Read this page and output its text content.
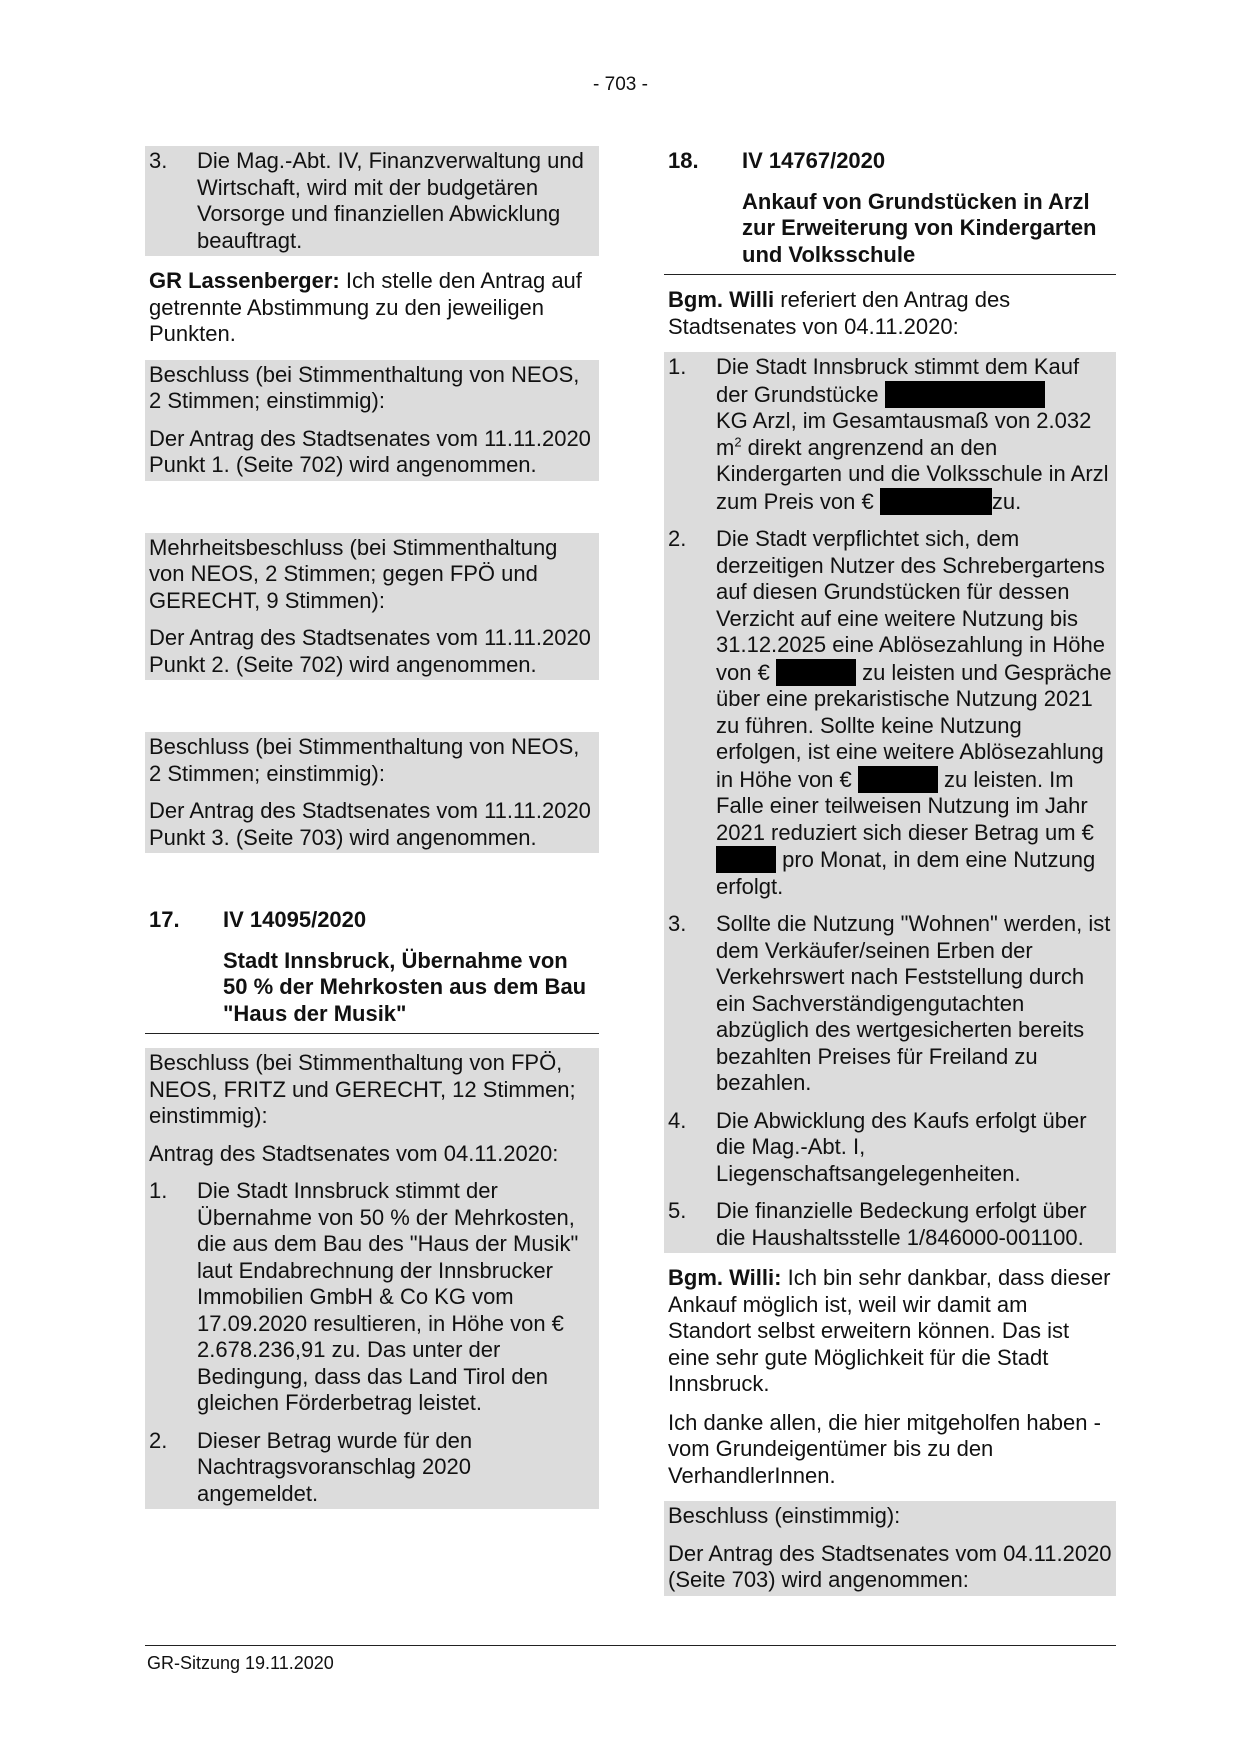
- 703 -
3.	Die Mag.-Abt. IV, Finanzverwaltung und Wirtschaft, wird mit der budgetären Vorsorge und finanziellen Abwicklung beauftragt.

GR Lassenberger: Ich stelle den Antrag auf getrennte Abstimmung zu den jeweiligen Punkten.

Beschluss (bei Stimmenthaltung von NEOS, 2 Stimmen; einstimmig):

Der Antrag des Stadtsenates vom 11.11.2020 Punkt 1. (Seite 702) wird angenommen.

Mehrheitsbeschluss (bei Stimmenthaltung von NEOS, 2 Stimmen; gegen FPÖ und GERECHT, 9 Stimmen):

Der Antrag des Stadtsenates vom 11.11.2020 Punkt 2. (Seite 702) wird angenommen.

Beschluss (bei Stimmenthaltung von NEOS, 2 Stimmen; einstimmig):

Der Antrag des Stadtsenates vom 11.11.2020 Punkt 3. (Seite 703) wird angenommen.

17.	IV 14095/2020

Stadt Innsbruck, Übernahme von 50 % der Mehrkosten aus dem Bau "Haus der Musik"

Beschluss (bei Stimmenthaltung von FPÖ, NEOS, FRITZ und GERECHT, 12 Stimmen; einstimmig):

Antrag des Stadtsenates vom 04.11.2020:

1.	Die Stadt Innsbruck stimmt der Übernahme von 50 % der Mehrkosten, die aus dem Bau des "Haus der Musik" laut Endabrechnung der Innsbrucker Immobilien GmbH & Co KG vom 17.09.2020 resultieren, in Höhe von € 2.678.236,91 zu. Das unter der Bedingung, dass das Land Tirol den gleichen Förderbetrag leistet.
2.	Dieser Betrag wurde für den Nachtragsvoranschlag 2020 angemeldet.
18.	IV 14767/2020

Ankauf von Grundstücken in Arzl zur Erweiterung von Kindergarten und Volksschule

Bgm. Willi referiert den Antrag des Stadtsenates von 04.11.2020:

1.	Die Stadt Innsbruck stimmt dem Kauf der Grundstücke
KG Arzl, im Gesamtausmaß von 2.032 $m^2$ direkt angrenzend an den Kindergarten und die Volksschule in Arzl zum Preis von €	zu.
2.	Die Stadt verpflichtet sich, dem derzeitigen Nutzer des Schrebergartens auf diesen Grundstücken für dessen Verzicht auf eine weitere Nutzung bis 31.12.2025 eine Ablösezahlung in Höhe von €	zu leisten und Gespräche über eine prekaristische Nutzung 2021 zu führen. Sollte keine Nutzung erfolgen, ist eine weitere Ablösezahlung in Höhe von €	zu leisten. Im Falle einer teilweisen Nutzung im Jahr 2021 reduziert sich dieser Betrag um €  pro Monat, in dem eine Nutzung erfolgt.
3.	Sollte die Nutzung "Wohnen" werden, ist dem Verkäufer/seinen Erben der Verkehrswert nach Feststellung durch ein Sachverständigengutachten abzüglich des wertgesicherten bereits bezahlten Preises für Freiland zu bezahlen.
4.	Die Abwicklung des Kaufs erfolgt über die Mag.-Abt. I, Liegenschaftsangelegenheiten.
5.	Die finanzielle Bedeckung erfolgt über die Haushaltsstelle 1/846000-001100.

Bgm. Willi: Ich bin sehr dankbar, dass dieser Ankauf möglich ist, weil wir damit am Standort selbst erweitern können. Das ist eine sehr gute Möglichkeit für die Stadt Innsbruck.

Ich danke allen, die hier mitgeholfen haben - vom Grundeigentümer bis zu den VerhandlerInnen.

Beschluss (einstimmig):

Der Antrag des Stadtsenates vom 04.11.2020 (Seite 703) wird angenommen:

GR-Sitzung 19.11.2020
